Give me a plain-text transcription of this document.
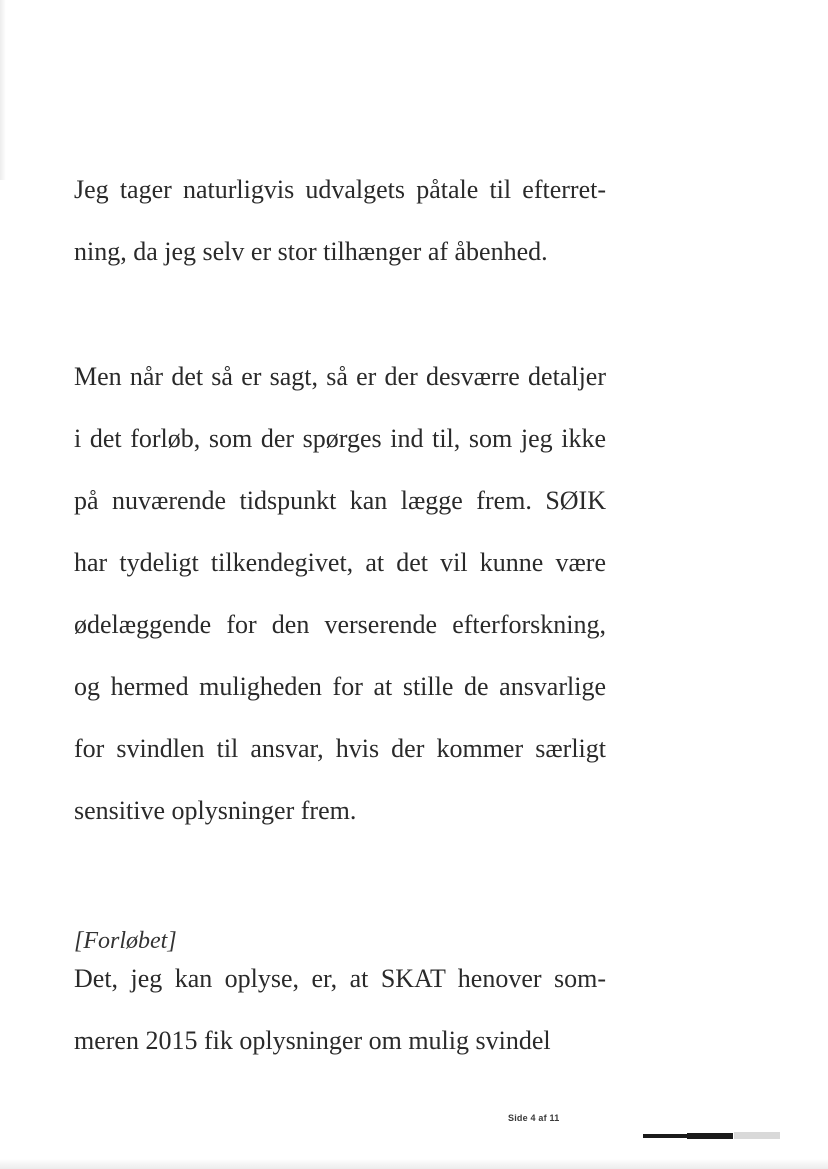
Jeg tager naturligvis udvalgets påtale til efterret-
ning, da jeg selv er stor tilhænger af åbenhed.
Men når det så er sagt, så er der desværre detaljer
i det forløb, som der spørges ind til, som jeg ikke
på nuværende tidspunkt kan lægge frem. SØIK
har tydeligt tilkendegivet, at det vil kunne være
ødelæggende for den verserende efterforskning,
og hermed muligheden for at stille de ansvarlige
for svindlen til ansvar, hvis der kommer særligt
sensitive oplysninger frem.

[Forløbet]

Det, jeg kan oplyse, er, at SKAT henover som-
meren 2015 fik oplysninger om mulig svindel
Side 4 af 11
